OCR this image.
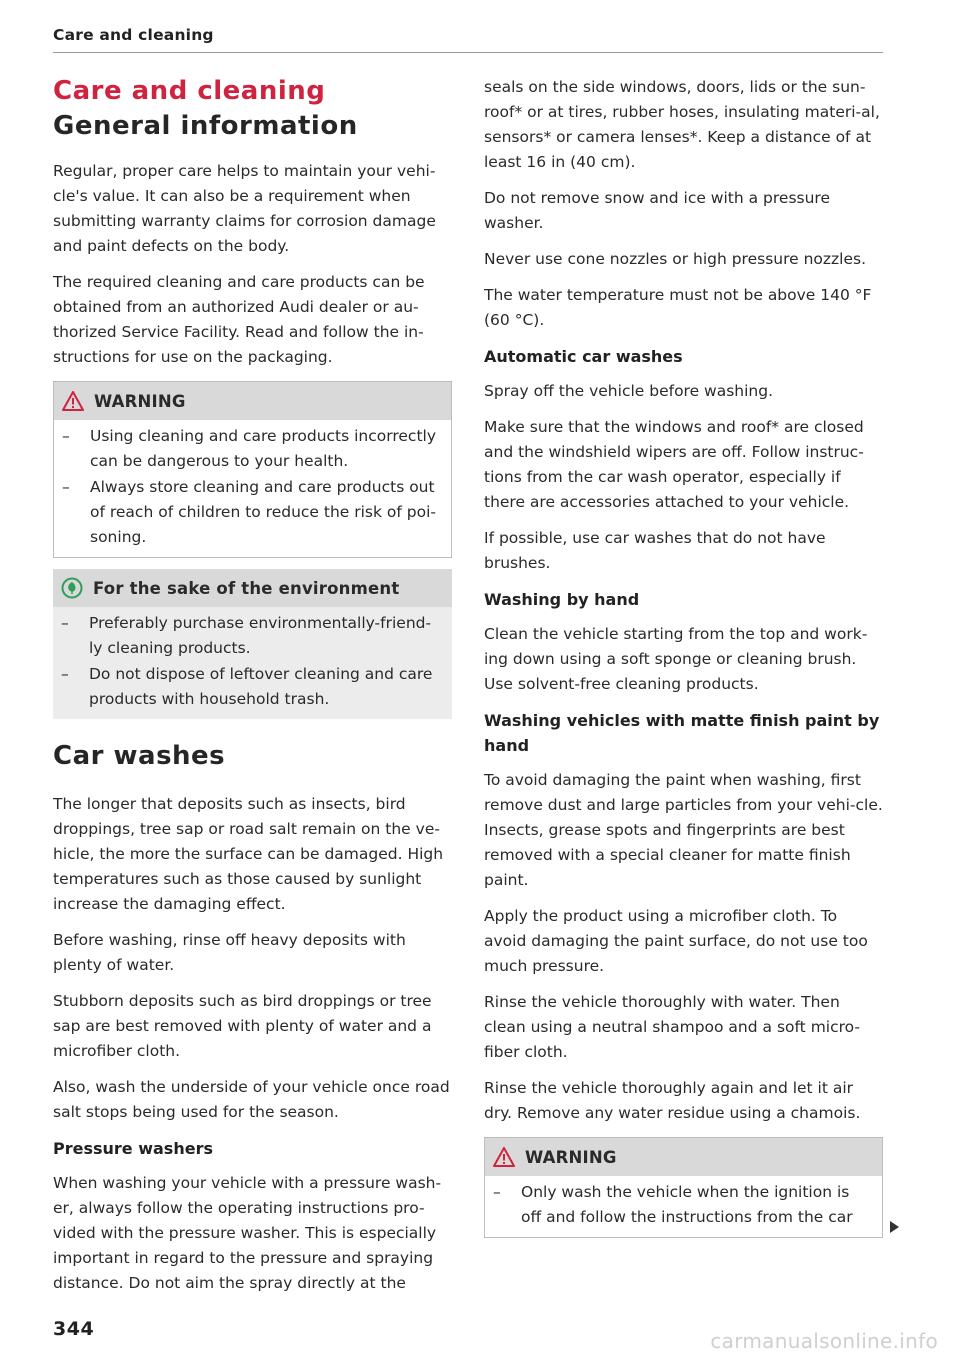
Care and cleaning
Care and cleaning
General information

Regular, proper care helps to maintain your vehi-cle's value. It can also be a requirement when submitting warranty claims for corrosion damage and paint defects on the body.

The required cleaning and care products can be obtained from an authorized Audi dealer or au-thorized Service Facility. Read and follow the in-structions for use on the packaging.

WARNING
–	Using cleaning and care products incorrectly can be dangerous to your health.
–	Always store cleaning and care products out of reach of children to reduce the risk of poi-soning.
For the sake of the environment
–	Preferably purchase environmentally-friend-ly cleaning products.
–	Do not dispose of leftover cleaning and care products with household trash.
Car washes

The longer that deposits such as insects, bird droppings, tree sap or road salt remain on the ve-hicle, the more the surface can be damaged. High temperatures such as those caused by sunlight increase the damaging effect.

Before washing, rinse off heavy deposits with plenty of water.

Stubborn deposits such as bird droppings or tree sap are best removed with plenty of water and a microfiber cloth.

Also, wash the underside of your vehicle once road salt stops being used for the season.

Pressure washers

When washing your vehicle with a pressure wash-er, always follow the operating instructions pro-vided with the pressure washer. This is especially important in regard to the pressure and spraying distance. Do not aim the spray directly at the

seals on the side windows, doors, lids or the sun-roof* or at tires, rubber hoses, insulating materi-al, sensors* or camera lenses*. Keep a distance of at least 16 in (40 cm).

Do not remove snow and ice with a pressure washer.

Never use cone nozzles or high pressure nozzles.

The water temperature must not be above 140 °F (60 °C).

Automatic car washes

Spray off the vehicle before washing.

Make sure that the windows and roof* are closed and the windshield wipers are off. Follow instruc-tions from the car wash operator, especially if there are accessories attached to your vehicle.

If possible, use car washes that do not have brushes.

Washing by hand

Clean the vehicle starting from the top and work-ing down using a soft sponge or cleaning brush. Use solvent-free cleaning products.

Washing vehicles with matte finish paint by hand

To avoid damaging the paint when washing, first remove dust and large particles from your vehi-cle. Insects, grease spots and fingerprints are best removed with a special cleaner for matte finish paint.

Apply the product using a microfiber cloth. To avoid damaging the paint surface, do not use too much pressure.

Rinse the vehicle thoroughly with water. Then clean using a neutral shampoo and a soft micro-fiber cloth.

Rinse the vehicle thoroughly again and let it air dry. Remove any water residue using a chamois.

WARNING
–	Only wash the vehicle when the ignition is off and follow the instructions from the car
344	carmanualsonline.info
